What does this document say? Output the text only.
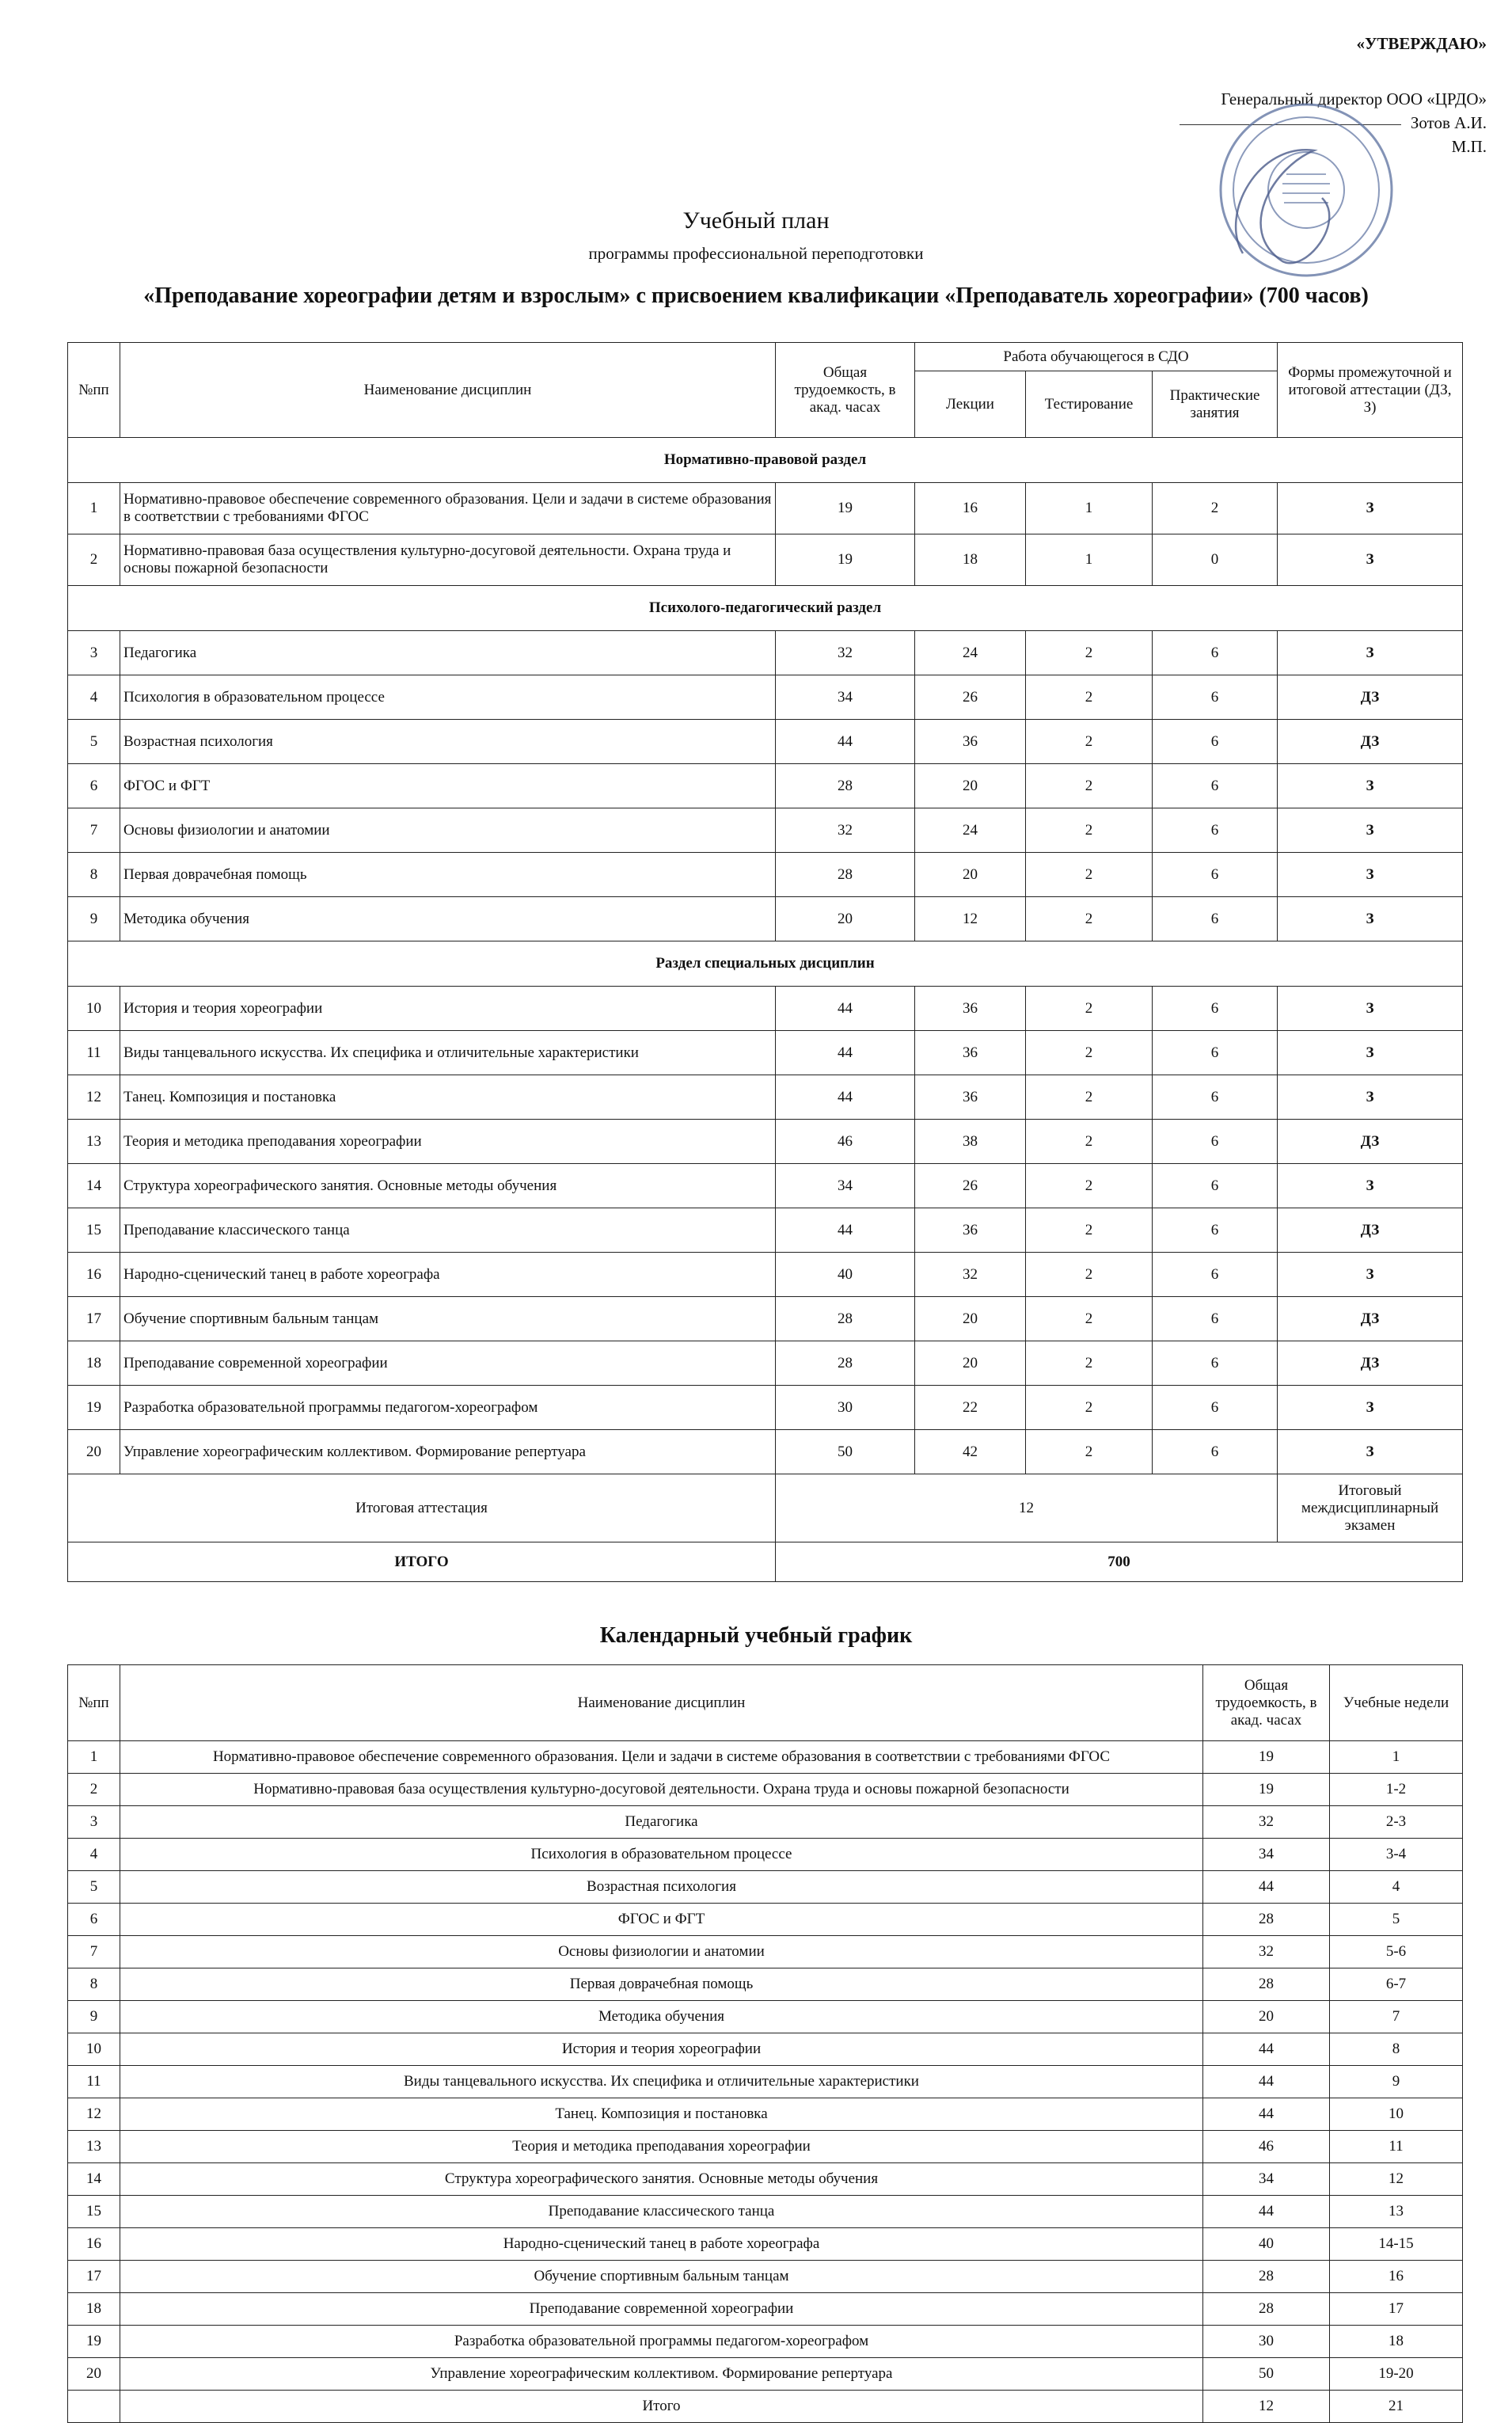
«УТВЕРЖДАЮ»
Генеральный директор ООО «ЦРДО»
Зотов А.И.
М.П.
Учебный план
программы профессиональной переподготовки
«Преподавание хореографии детям и взрослым» с присвоением квалификации «Преподаватель хореографии» (700 часов)
№пп	Наименование дисциплин	Общая трудоемкость, в акад. часах	Работа обучающегося в СДО			Формы промежуточной и итоговой аттестации (ДЗ, З)
			Лекции	Тестирование	Практические занятия	
Нормативно-правовой раздел						
1	Нормативно-правовое обеспечение современного образования. Цели и задачи в системе образования в соответствии с требованиями ФГОС	19	16	1	2	З
2	Нормативно-правовая база осуществления культурно-досуговой деятельности. Охрана труда и основы пожарной безопасности	19	18	1	0	З
Психолого-педагогический раздел						
3	Педагогика	32	24	2	6	З
4	Психология в образовательном процессе	34	26	2	6	ДЗ
5	Возрастная психология	44	36	2	6	ДЗ
6	ФГОС и ФГТ	28	20	2	6	З
7	Основы физиологии и анатомии	32	24	2	6	З
8	Первая доврачебная помощь	28	20	2	6	З
9	Методика обучения	20	12	2	6	З
Раздел специальных дисциплин						
10	История и теория хореографии	44	36	2	6	З
11	Виды танцевального искусства. Их специфика и отличительные характеристики	44	36	2	6	З
12	Танец. Композиция и постановка	44	36	2	6	З
13	Теория и методика преподавания хореографии	46	38	2	6	ДЗ
14	Структура хореографического занятия. Основные методы обучения	34	26	2	6	З
15	Преподавание классического танца	44	36	2	6	ДЗ
16	Народно-сценический танец в работе хореографа	40	32	2	6	З
17	Обучение спортивным бальным танцам	28	20	2	6	ДЗ
18	Преподавание современной хореографии	28	20	2	6	ДЗ
19	Разработка образовательной программы педагогом-хореографом	30	22	2	6	З
20	Управление хореографическим коллективом. Формирование репертуара	50	42	2	6	З
Итоговая аттестация		12				Итоговый междисциплинарный экзамен
ИТОГО		700				
Календарный учебный график
№пп	Наименование дисциплин	Общая трудоемкость, в акад. часах	Учебные недели
1	Нормативно-правовое обеспечение современного образования. Цели и задачи в системе образования в соответствии с требованиями ФГОС	19	1
2	Нормативно-правовая база осуществления культурно-досуговой деятельности. Охрана труда и основы пожарной безопасности	19	1-2
3	Педагогика	32	2-3
4	Психология в образовательном процессе	34	3-4
5	Возрастная психология	44	4
6	ФГОС и ФГТ	28	5
7	Основы физиологии и анатомии	32	5-6
8	Первая доврачебная помощь	28	6-7
9	Методика обучения	20	7
10	История и теория хореографии	44	8
11	Виды танцевального искусства. Их специфика и отличительные характеристики	44	9
12	Танец. Композиция и постановка	44	10
13	Теория и методика преподавания хореографии	46	11
14	Структура хореографического занятия. Основные методы обучения	34	12
15	Преподавание классического танца	44	13
16	Народно-сценический танец в работе хореографа	40	14-15
17	Обучение спортивным бальным танцам	28	16
18	Преподавание современной хореографии	28	17
19	Разработка образовательной программы педагогом-хореографом	30	18
20	Управление хореографическим коллективом. Формирование репертуара	50	19-20
	Итого	12	21
